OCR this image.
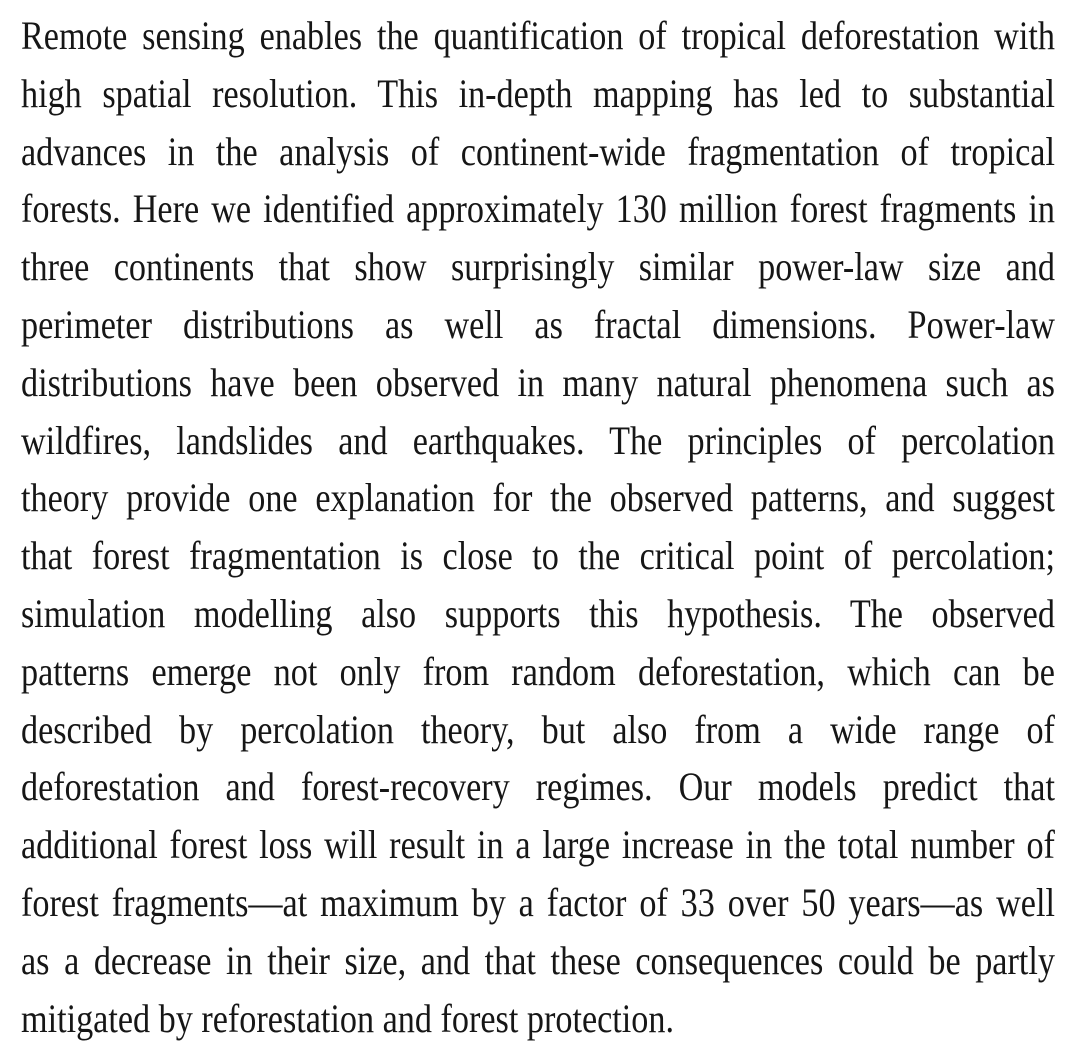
Remote sensing enables the quantification of tropical deforestation with
high spatial resolution. This in-depth mapping has led to substantial
advances in the analysis of continent-wide fragmentation of tropical
forests. Here we identified approximately 130 million forest fragments in
three continents that show surprisingly similar power-law size and
perimeter distributions as well as fractal dimensions. Power-law
distributions have been observed in many natural phenomena such as
wildfires, landslides and earthquakes. The principles of percolation
theory provide one explanation for the observed patterns, and suggest
that forest fragmentation is close to the critical point of percolation;
simulation modelling also supports this hypothesis. The observed
patterns emerge not only from random deforestation, which can be
described by percolation theory, but also from a wide range of
deforestation and forest-recovery regimes. Our models predict that
additional forest loss will result in a large increase in the total number of
forest fragments—at maximum by a factor of 33 over 50 years—as well
as a decrease in their size, and that these consequences could be partly
mitigated by reforestation and forest protection.
